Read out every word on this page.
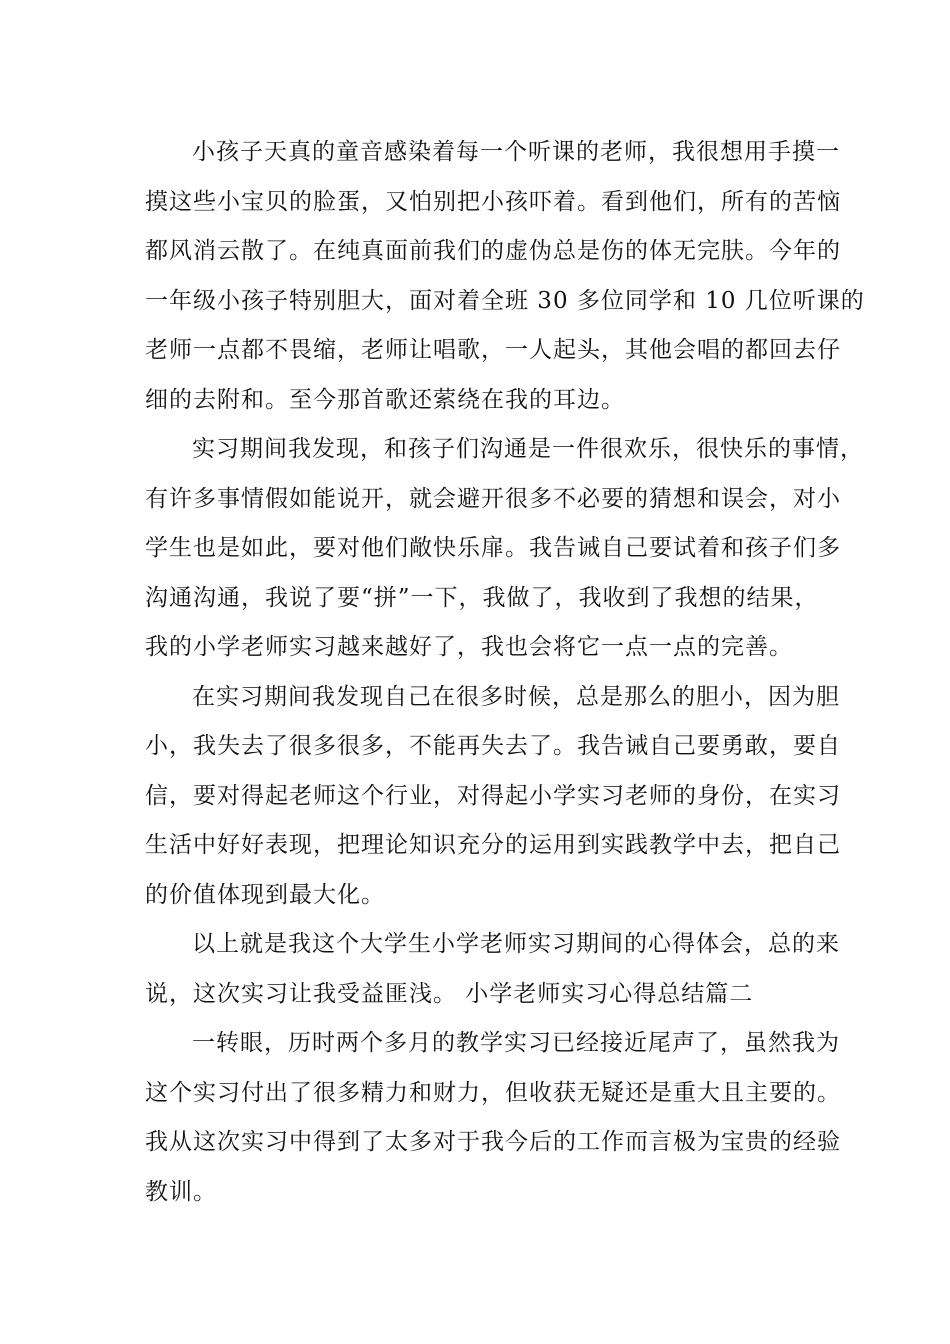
小孩子天真的童音感染着每一个听课的老师，我很想用手摸一
摸这些小宝贝的脸蛋，又怕别把小孩吓着。看到他们，所有的苦恼
都风消云散了。在纯真面前我们的虚伪总是伤的体无完肤。今年的
一年级小孩子特别胆大，面对着全班 30 多位同学和 10 几位听课的
老师一点都不畏缩，老师让唱歌，一人起头，其他会唱的都回去仔
细的去附和。至今那首歌还萦绕在我的耳边。
实习期间我发现，和孩子们沟通是一件很欢乐，很快乐的事情，
有许多事情假如能说开，就会避开很多不必要的猜想和误会，对小
学生也是如此，要对他们敞快乐扉。我告诫自己要试着和孩子们多
沟通沟通，我说了要“拼”一下，我做了，我收到了我想的结果，
我的小学老师实习越来越好了，我也会将它一点一点的完善。
在实习期间我发现自己在很多时候，总是那么的胆小，因为胆
小，我失去了很多很多，不能再失去了。我告诫自己要勇敢，要自
信，要对得起老师这个行业，对得起小学实习老师的身份，在实习
生活中好好表现，把理论知识充分的运用到实践教学中去，把自己
的价值体现到最大化。
以上就是我这个大学生小学老师实习期间的心得体会，总的来
说，这次实习让我受益匪浅。 小学老师实习心得总结篇二
一转眼，历时两个多月的教学实习已经接近尾声了，虽然我为
这个实习付出了很多精力和财力，但收获无疑还是重大且主要的。
我从这次实习中得到了太多对于我今后的工作而言极为宝贵的经验
教训。
